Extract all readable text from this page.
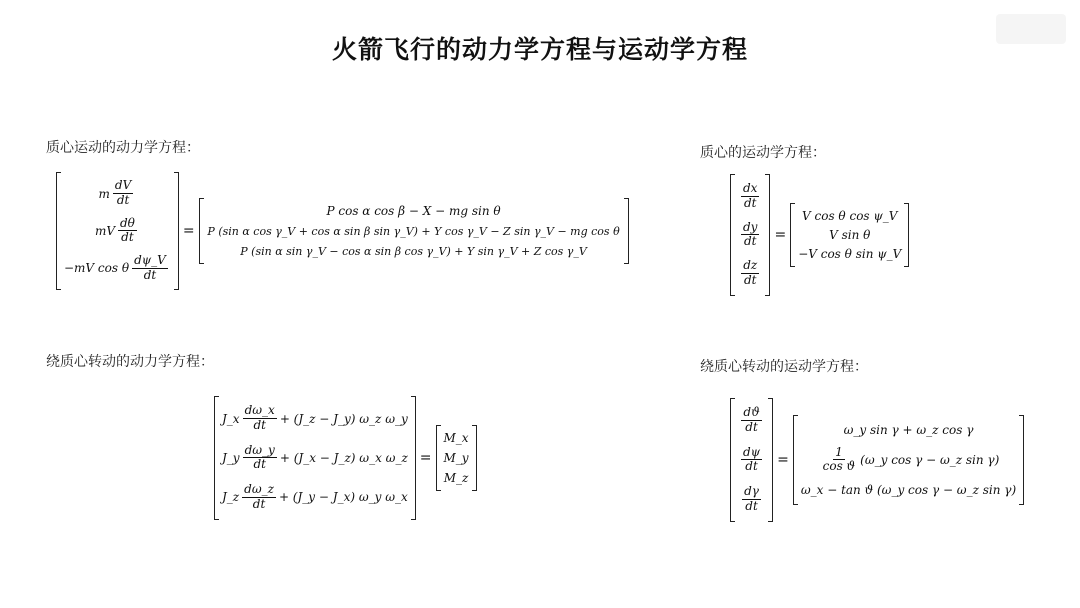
火箭飞行的动力学方程与运动学方程
质心运动的动力学方程：	质心的运动学方程：
绕质心转动的动力学方程：	绕质心转动的运动学方程：
m $\frac{dV}{dt}$
mV $\frac{d\theta}{dt}$
−mV cos θ $\frac{d\psi\_V}{dt}$
=
P cos α cos β − X − mg sin θ
P (sin α cos γ_V + cos α sin β sin γ_V) + Y cos γ_V − Z sin γ_V − mg cos θ
P (sin α sin γ_V − cos α sin β cos γ_V) + Y sin γ_V + Z cos γ_V
$\frac{dx}{dt}$
$\frac{dy}{dt}$
$\frac{dz}{dt}$
=
V cos θ cos ψ_V
V sin θ
−V cos θ sin ψ_V
J_x $\frac{d\omega\_x}{dt}$ + (J_z − J_y) ω_z ω_y
J_y $\frac{d\omega\_y}{dt}$ + (J_x − J_z) ω_x ω_z
J_z $\frac{d\omega\_z}{dt}$ + (J_y − J_x) ω_y ω_x
=
M_x
M_y
M_z
$\frac{dϑ}{dt}$
$\frac{d\psi}{dt}$
$\frac{d\gamma}{dt}$
=
ω_y sin γ + ω_z cos γ
$\frac{1}{\text{cos ϑ}}$ (ω_y cos γ − ω_z sin γ)
ω_x − tan ϑ (ω_y cos γ − ω_z sin γ)
